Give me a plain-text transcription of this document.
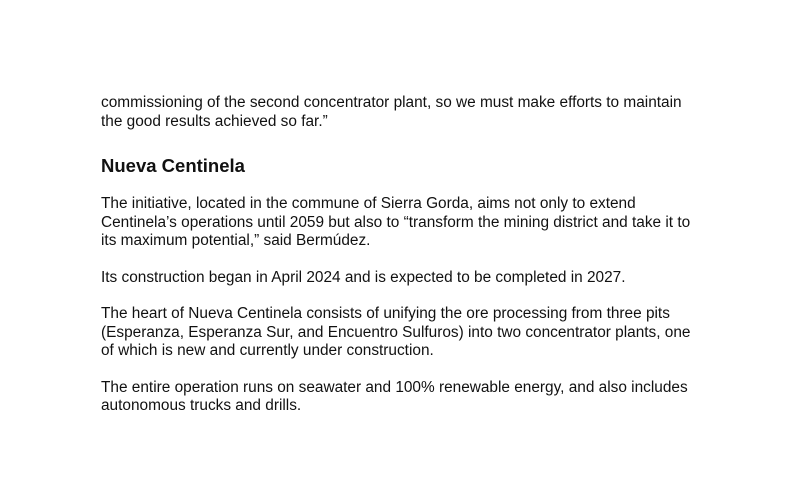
commissioning of the second concentrator plant, so we must make efforts to maintain the good results achieved so far.”

Nueva Centinela

The initiative, located in the commune of Sierra Gorda, aims not only to extend Centinela’s operations until 2059 but also to “transform the mining district and take it to its maximum potential,” said Bermúdez.

Its construction began in April 2024 and is expected to be completed in 2027.

The heart of Nueva Centinela consists of unifying the ore processing from three pits (Esperanza, Esperanza Sur, and Encuentro Sulfuros) into two concentrator plants, one of which is new and currently under construction.

The entire operation runs on seawater and 100% renewable energy, and also includes autonomous trucks and drills.
